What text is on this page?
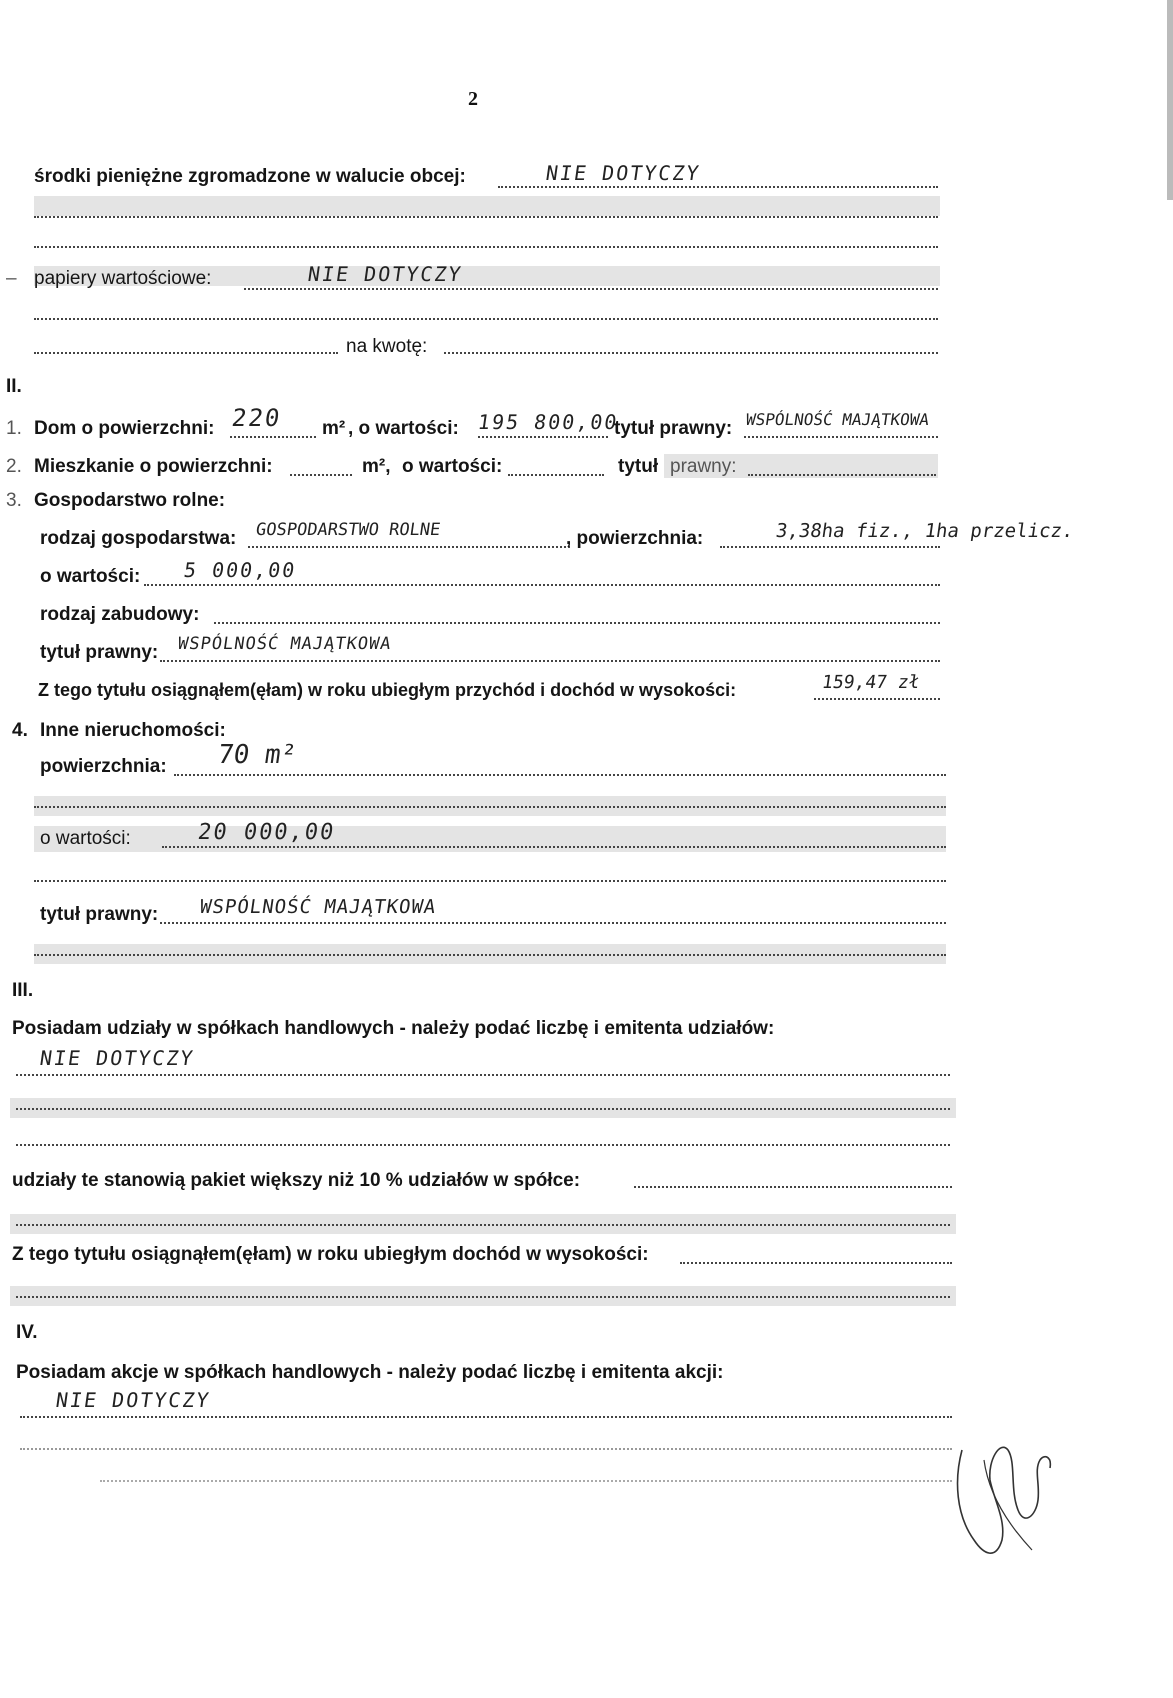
2
środki pieniężne zgromadzone w walucie obcej:	NIE DOTYCZY
– papiery wartościowe:	NIE DOTYCZY
na kwotę:
II.
1. Dom o powierzchni: 220 m² , o wartości: 195 800,00
tytuł prawny: WSPÓLNOŚĆ MAJĄTKOWA
2. Mieszkanie o powierzchni:	m², o wartości:	tytuł prawny:
3. Gospodarstwo rolne:
rodzaj gospodarstwa: GOSPODARSTWO ROLNE	, powierzchnia:	3,38ha fiz., 1ha przelicz.
o wartości: 5 000,00
rodzaj zabudowy:
tytuł prawny: WSPÓLNOŚĆ MAJĄTKOWA
Z tego tytułu osiągnąłem(ęłam) w roku ubiegłym przychód i dochód w wysokości:	159,47 zł
4. Inne nieruchomości:
powierzchnia: 70 m²
o wartości:	20 000,00
tytuł prawny: WSPÓLNOŚĆ MAJĄTKOWA
III.
Posiadam udziały w spółkach handlowych - należy podać liczbę i emitenta udziałów:
NIE DOTYCZY
udziały te stanowią pakiet większy niż 10 % udziałów w spółce:
Z tego tytułu osiągnąłem(ęłam) w roku ubiegłym dochód w wysokości:
IV.
Posiadam akcje w spółkach handlowych - należy podać liczbę i emitenta akcji:
NIE DOTYCZY
